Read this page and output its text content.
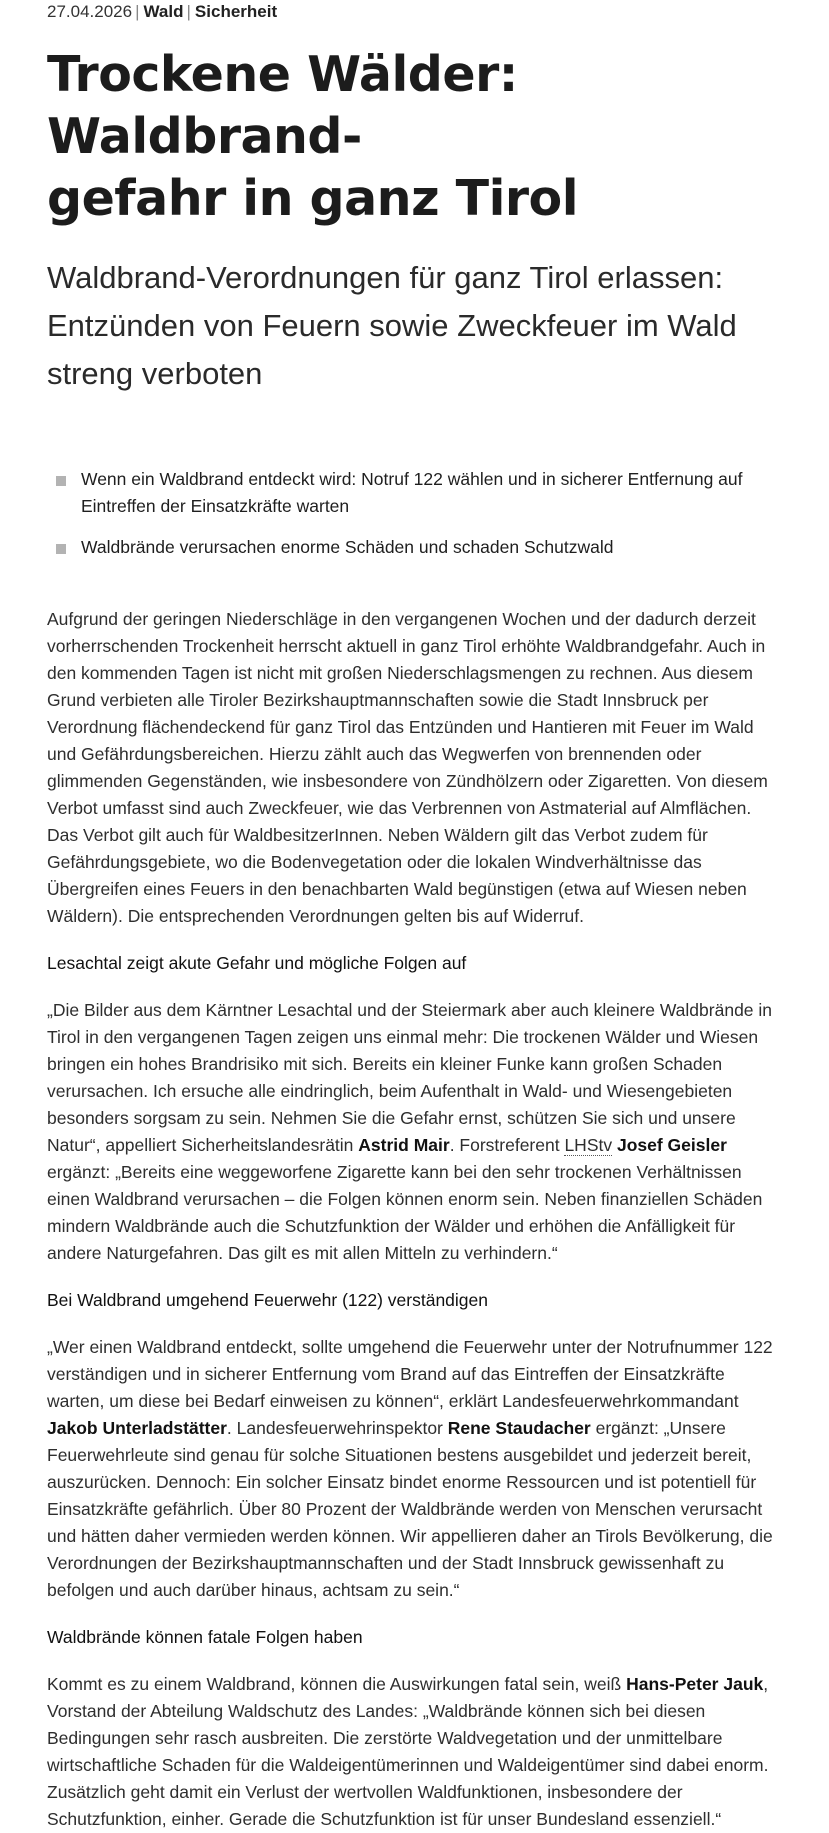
27.04.2026 | Wald | Sicherheit
Trockene Wälder: Waldbrand-
gefahr in ganz Tirol
Waldbrand-Verordnungen für ganz Tirol erlassen: Entzünden von Feuern sowie Zweckfeuer im Wald streng verboten
Wenn ein Waldbrand entdeckt wird: Notruf 122 wählen und in sicherer Entfernung auf Eintreffen der Einsatzkräfte warten
Waldbrände verursachen enorme Schäden und schaden Schutzwald

Aufgrund der geringen Niederschläge in den vergangenen Wochen und der dadurch derzeit vorherrschenden Trockenheit herrscht aktuell in ganz Tirol erhöhte Waldbrandgefahr. Auch in den kommenden Tagen ist nicht mit großen Niederschlagsmengen zu rechnen. Aus diesem Grund verbieten alle Tiroler Bezirkshauptmannschaften sowie die Stadt Innsbruck per Verordnung flächendeckend für ganz Tirol das Entzünden und Hantieren mit Feuer im Wald und Gefährdungsbereichen. Hierzu zählt auch das Wegwerfen von brennenden oder glimmenden Gegenständen, wie insbesondere von Zündhölzern oder Zigaretten. Von diesem Verbot umfasst sind auch Zweckfeuer, wie das Verbrennen von Astmaterial auf Almflächen. Das Verbot gilt auch für WaldbesitzerInnen. Neben Wäldern gilt das Verbot zudem für Gefährdungsgebiete, wo die Bodenvegetation oder die lokalen Windverhältnisse das Übergreifen eines Feuers in den benachbarten Wald begünstigen (etwa auf Wiesen neben Wäldern). Die entsprechenden Verordnungen gelten bis auf Widerruf.

Lesachtal zeigt akute Gefahr und mögliche Folgen auf

„Die Bilder aus dem Kärntner Lesachtal und der Steiermark aber auch kleinere Waldbrände in Tirol in den vergangenen Tagen zeigen uns einmal mehr: Die trockenen Wälder und Wiesen bringen ein hohes Brandrisiko mit sich. Bereits ein kleiner Funke kann großen Schaden verursachen. Ich ersuche alle eindringlich, beim Aufenthalt in Wald- und Wiesengebieten besonders sorgsam zu sein. Nehmen Sie die Gefahr ernst, schützen Sie sich und unsere Natur“, appelliert Sicherheitslandesrätin Astrid Mair. Forstreferent LHStv Josef Geisler ergänzt: „Bereits eine weggeworfene Zigarette kann bei den sehr trockenen Verhältnissen einen Waldbrand verursachen – die Folgen können enorm sein. Neben finanziellen Schäden mindern Waldbrände auch die Schutzfunktion der Wälder und erhöhen die Anfälligkeit für andere Naturgefahren. Das gilt es mit allen Mitteln zu verhindern.“

Bei Waldbrand umgehend Feuerwehr (122) verständigen

„Wer einen Waldbrand entdeckt, sollte umgehend die Feuerwehr unter der Notrufnummer 122 verständigen und in sicherer Entfernung vom Brand auf das Eintreffen der Einsatzkräfte warten, um diese bei Bedarf einweisen zu können“, erklärt Landesfeuerwehrkommandant Jakob Unterladstätter. Landesfeuerwehrinspektor Rene Staudacher ergänzt: „Unsere Feuerwehrleute sind genau für solche Situationen bestens ausgebildet und jederzeit bereit, auszurücken. Dennoch: Ein solcher Einsatz bindet enorme Ressourcen und ist potentiell für Einsatzkräfte gefährlich. Über 80 Prozent der Waldbrände werden von Menschen verursacht und hätten daher vermieden werden können. Wir appellieren daher an Tirols Bevölkerung, die Verordnungen der Bezirkshauptmannschaften und der Stadt Innsbruck gewissenhaft zu befolgen und auch darüber hinaus, achtsam zu sein.“

Waldbrände können fatale Folgen haben

Kommt es zu einem Waldbrand, können die Auswirkungen fatal sein, weiß Hans-Peter Jauk, Vorstand der Abteilung Waldschutz des Landes: „Waldbrände können sich bei diesen Bedingungen sehr rasch ausbreiten. Die zerstörte Waldvegetation und der unmittelbare wirtschaftliche Schaden für die Waldeigentümerinnen und Waldeigentümer sind dabei enorm. Zusätzlich geht damit ein Verlust der wertvollen Waldfunktionen, insbesondere der Schutzfunktion, einher. Gerade die Schutzfunktion ist für unser Bundesland essenziell.“
